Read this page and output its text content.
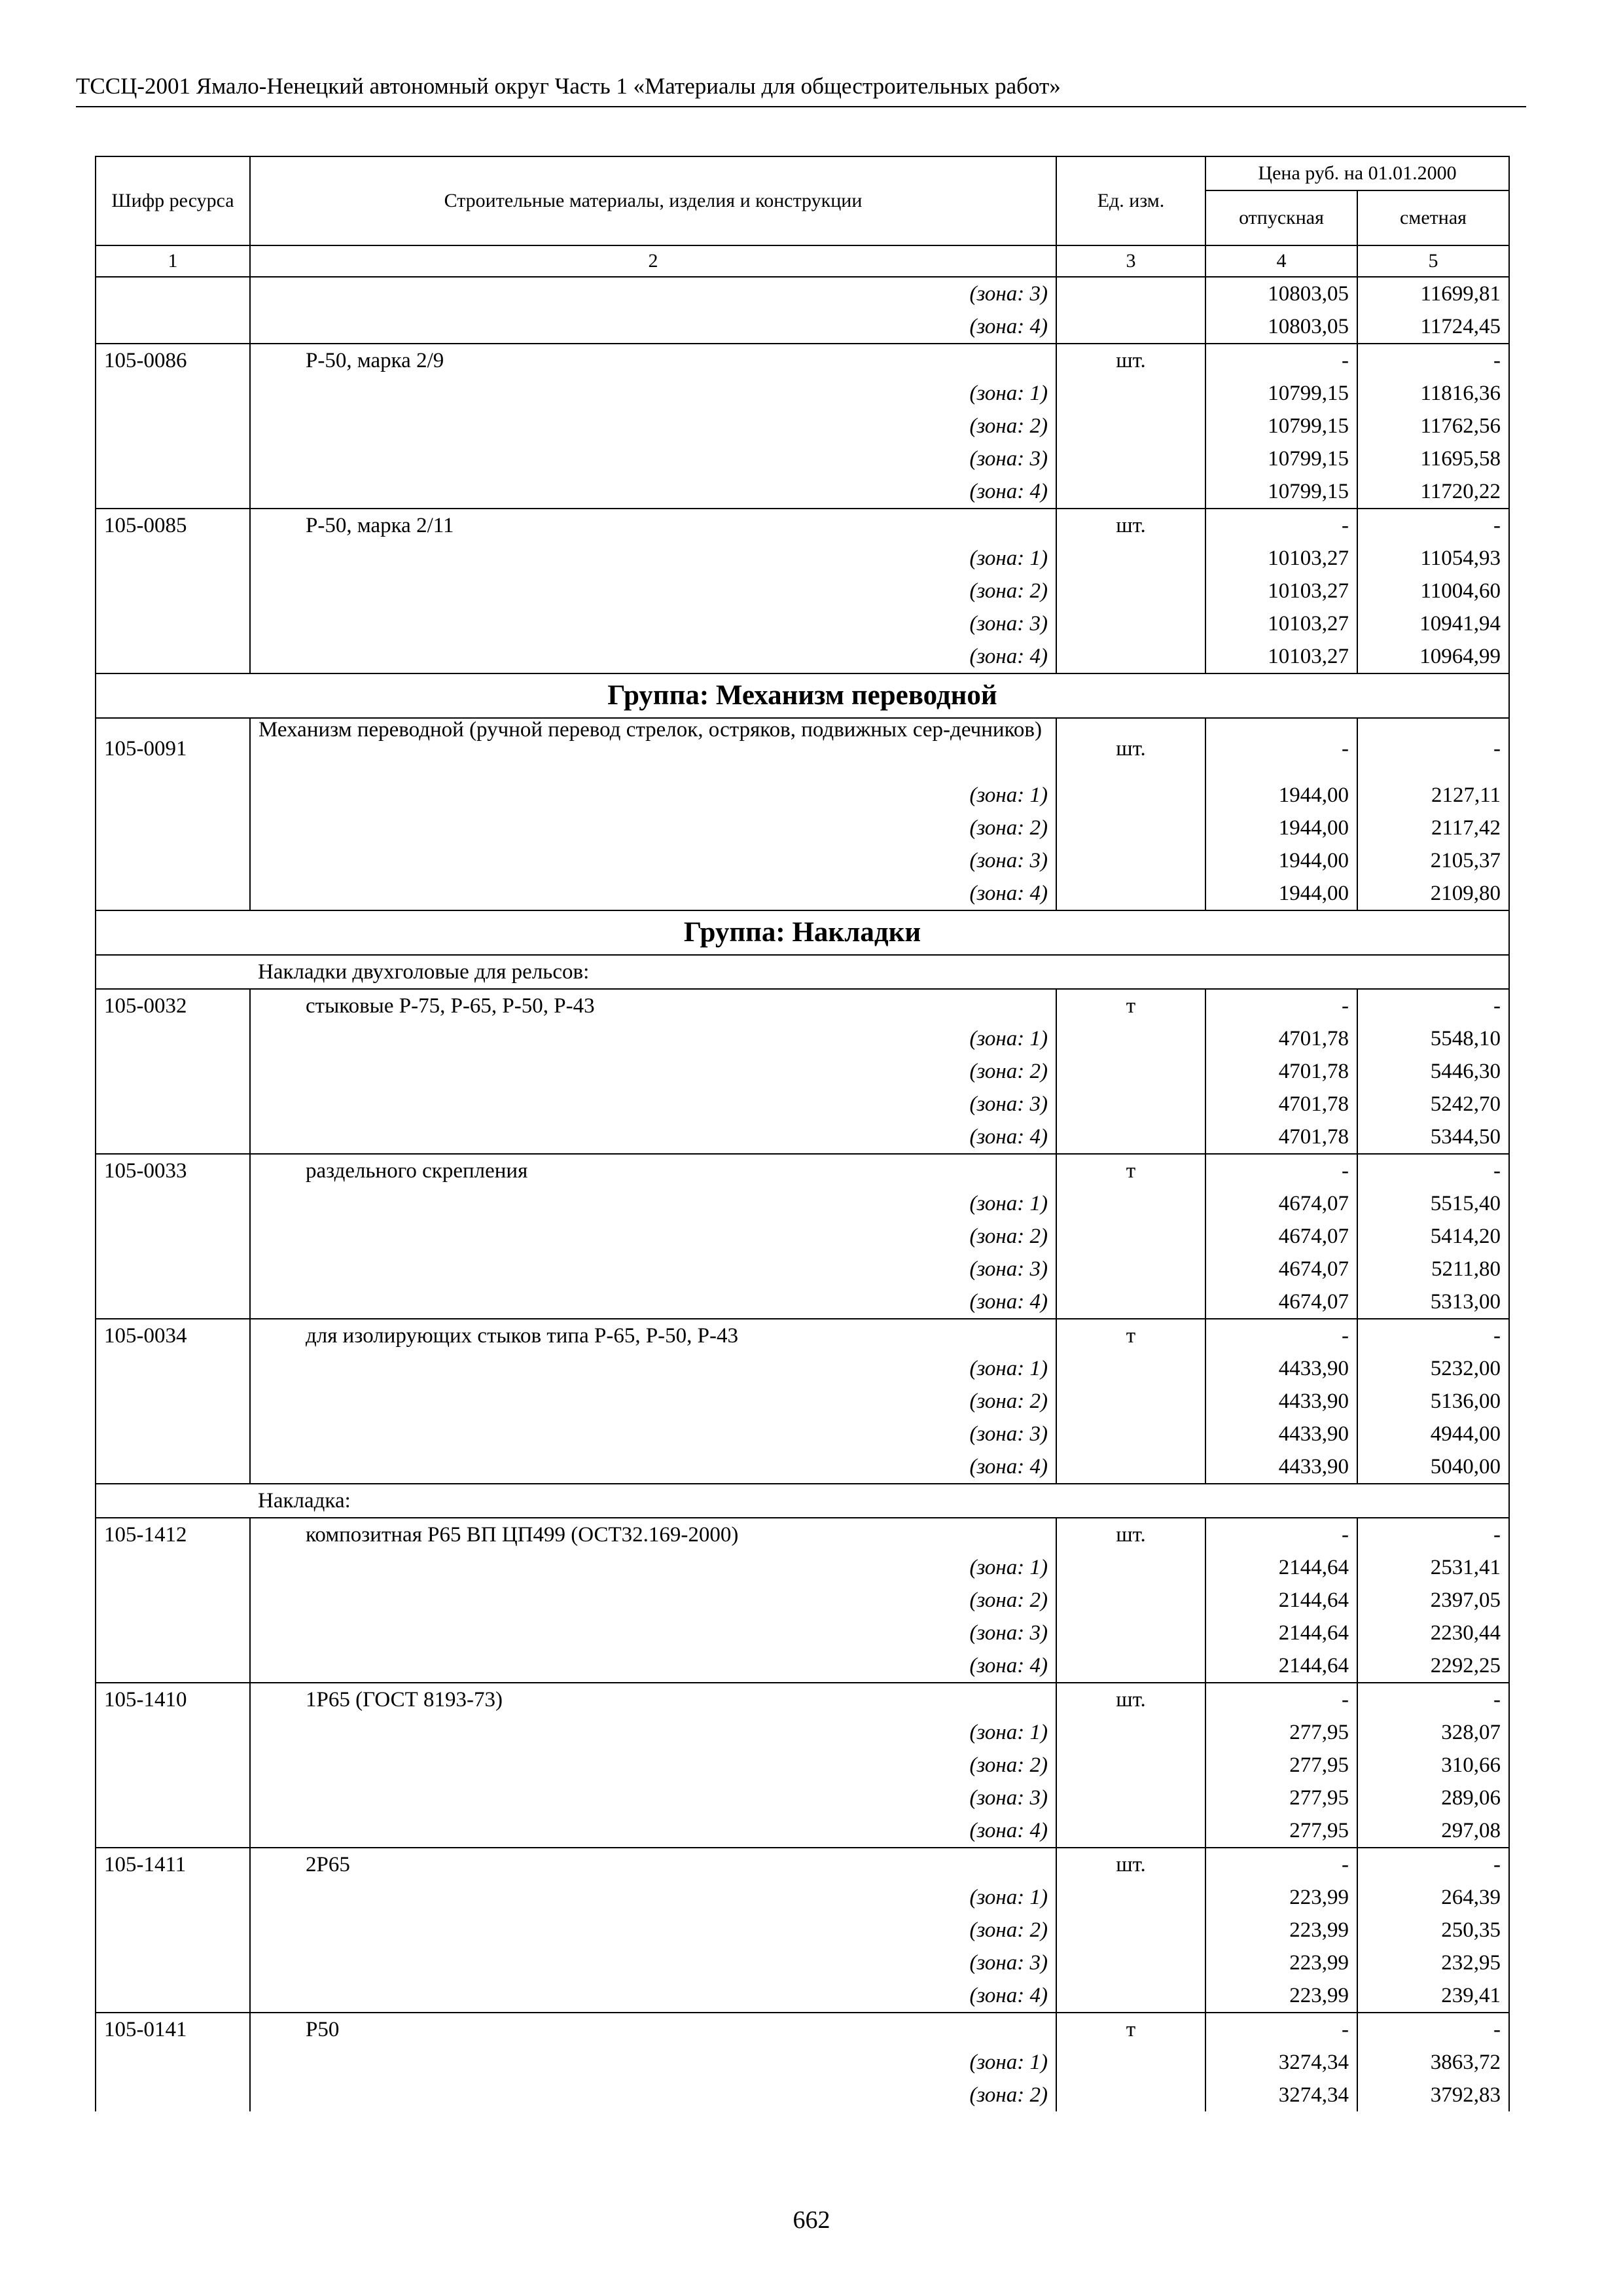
ТССЦ-2001 Ямало-Ненецкий автономный округ Часть 1 «Материалы для общестроительных работ»
Шифр ресурса	Строительные материалы, изделия и конструкции	Ед. изм.	Цена руб. на 01.01.2000	
			отпускная	сметная
1	2	3	4	5
	(зона: 3)		10803,05	11699,81
	(зона: 4)		10803,05	11724,45
105-0086	Р-50, марка 2/9	шт.	-	-
	(зона: 1)		10799,15	11816,36
	(зона: 2)		10799,15	11762,56
	(зона: 3)		10799,15	11695,58
	(зона: 4)		10799,15	11720,22
105-0085	Р-50, марка 2/11	шт.	-	-
	(зона: 1)		10103,27	11054,93
	(зона: 2)		10103,27	11004,60
	(зона: 3)		10103,27	10941,94
	(зона: 4)		10103,27	10964,99
Группа: Механизм переводной				
105-0091	Механизм переводной (ручной перевод стрелок, остряков, подвижных сер-дечников)	шт.	-	-
	(зона: 1)		1944,00	2127,11
	(зона: 2)		1944,00	2117,42
	(зона: 3)		1944,00	2105,37
	(зона: 4)		1944,00	2109,80
Группа: Накладки				
	Накладки двухголовые для рельсов:			
105-0032	стыковые Р-75, Р-65, Р-50, Р-43	т	-	-
	(зона: 1)		4701,78	5548,10
	(зона: 2)		4701,78	5446,30
	(зона: 3)		4701,78	5242,70
	(зона: 4)		4701,78	5344,50
105-0033	раздельного скрепления	т	-	-
	(зона: 1)		4674,07	5515,40
	(зона: 2)		4674,07	5414,20
	(зона: 3)		4674,07	5211,80
	(зона: 4)		4674,07	5313,00
105-0034	для изолирующих стыков типа Р-65, Р-50, Р-43	т	-	-
	(зона: 1)		4433,90	5232,00
	(зона: 2)		4433,90	5136,00
	(зона: 3)		4433,90	4944,00
	(зона: 4)		4433,90	5040,00
	Накладка:			
105-1412	композитная Р65 ВП ЦП499 (ОСТ32.169-2000)	шт.	-	-
	(зона: 1)		2144,64	2531,41
	(зона: 2)		2144,64	2397,05
	(зона: 3)		2144,64	2230,44
	(зона: 4)		2144,64	2292,25
105-1410	1Р65 (ГОСТ 8193-73)	шт.	-	-
	(зона: 1)		277,95	328,07
	(зона: 2)		277,95	310,66
	(зона: 3)		277,95	289,06
	(зона: 4)		277,95	297,08
105-1411	2Р65	шт.	-	-
	(зона: 1)		223,99	264,39
	(зона: 2)		223,99	250,35
	(зона: 3)		223,99	232,95
	(зона: 4)		223,99	239,41
105-0141	Р50	т	-	-
	(зона: 1)		3274,34	3863,72
	(зона: 2)		3274,34	3792,83
662
